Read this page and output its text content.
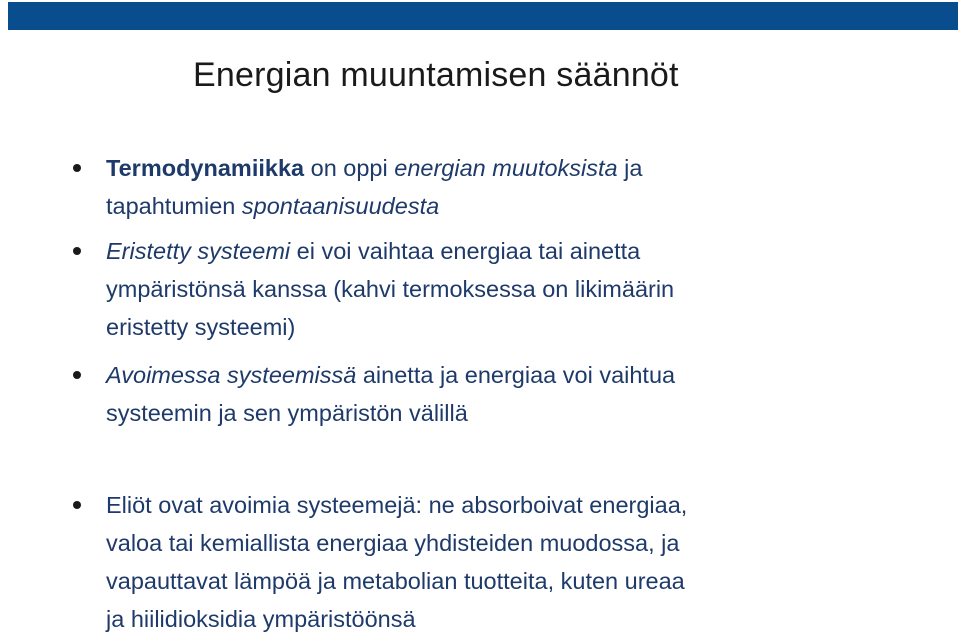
Energian muuntamisen säännöt
Termodynamiikka on oppi energian muutoksista ja
tapahtumien spontaanisuudesta
Eristetty systeemi ei voi vaihtaa energiaa tai ainetta
ympäristönsä kanssa (kahvi termoksessa on likimäärin
eristetty systeemi)
Avoimessa systeemissä ainetta ja energiaa voi vaihtua
systeemin ja sen ympäristön välillä
Eliöt ovat avoimia systeemejä: ne absorboivat energiaa,
valoa tai kemiallista energiaa yhdisteiden muodossa, ja
vapauttavat lämpöä ja metabolian tuotteita, kuten ureaa
ja hiilidioksidia ympäristöönsä
